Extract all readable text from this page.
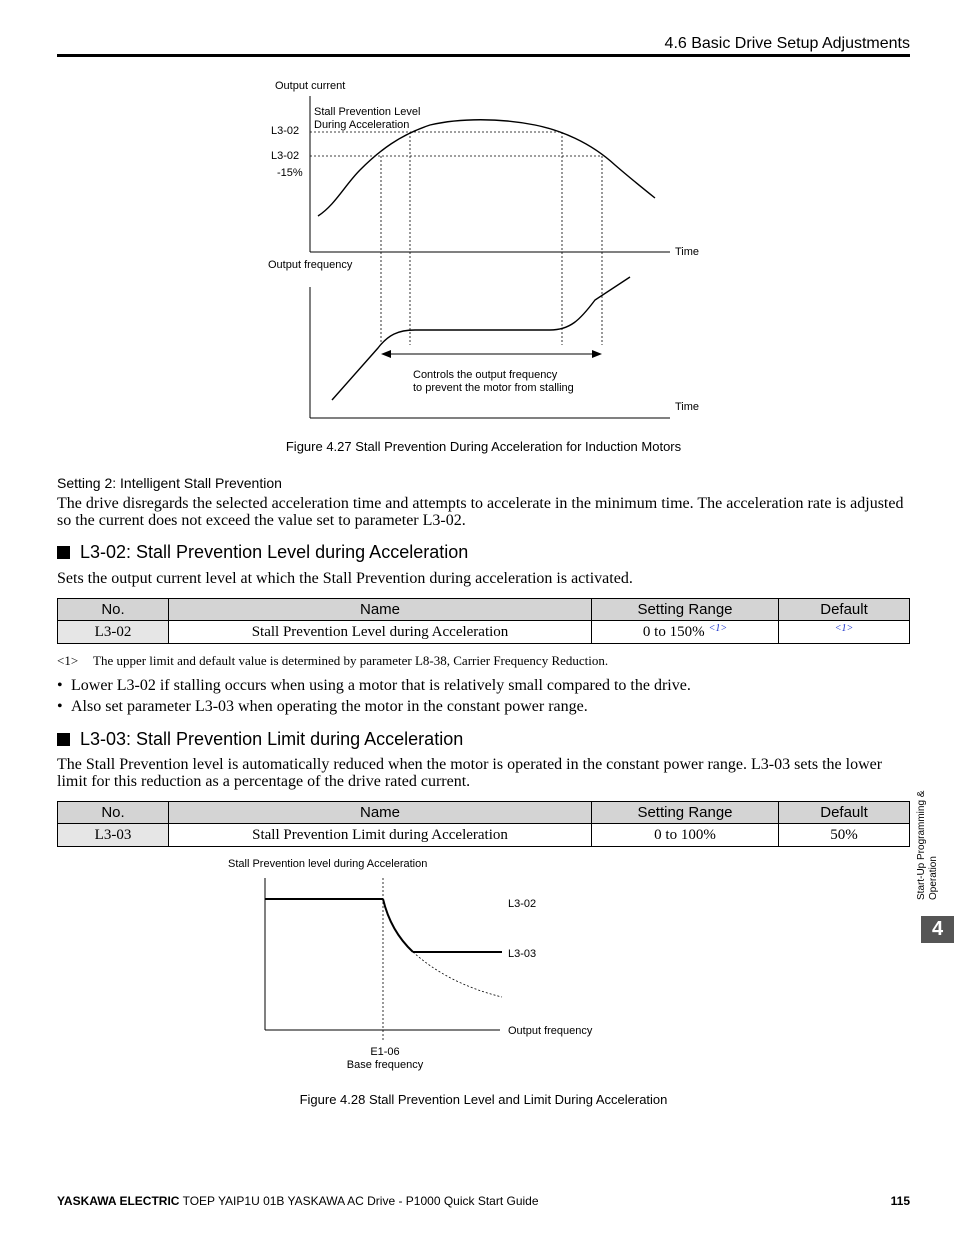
4.6 Basic Drive Setup Adjustments
Output current
Stall Prevention Level
During Acceleration
L3-02
L3-02
-15%
Time
Output frequency
Time
Controls the output frequency
to prevent the motor from stalling
Figure 4.27 Stall Prevention During Acceleration for Induction Motors
Setting 2: Intelligent Stall Prevention
The drive disregards the selected acceleration time and attempts to accelerate in the minimum time. The acceleration rate is adjusted so the current does not exceed the value set to parameter L3-02.
L3-02: Stall Prevention Level during Acceleration
Sets the output current level at which the Stall Prevention during acceleration is activated.
No.	Name	Setting Range	Default
L3-02	Stall Prevention Level during Acceleration	0 to 150% $^{<1>}$	$^{<1>}$
<1> The upper limit and default value is determined by parameter L8-38, Carrier Frequency Reduction.
• Lower L3-02 if stalling occurs when using a motor that is relatively small compared to the drive.
• Also set parameter L3-03 when operating the motor in the constant power range.
L3-03: Stall Prevention Limit during Acceleration
The Stall Prevention level is automatically reduced when the motor is operated in the constant power range. L3-03 sets the lower limit for this reduction as a percentage of the drive rated current.
No.	Name	Setting Range	Default
L3-03	Stall Prevention Limit during Acceleration	0 to 100%	50%
Stall Prevention level during Acceleration
L3-02
L3-03
Output frequency
E1-06
Base frequency
Figure 4.28 Stall Prevention Level and Limit During Acceleration
Start-Up Programming & Operation
4
YASKAWA ELECTRIC TOEP YAIP1U 01B YASKAWA AC Drive - P1000 Quick Start Guide	115
